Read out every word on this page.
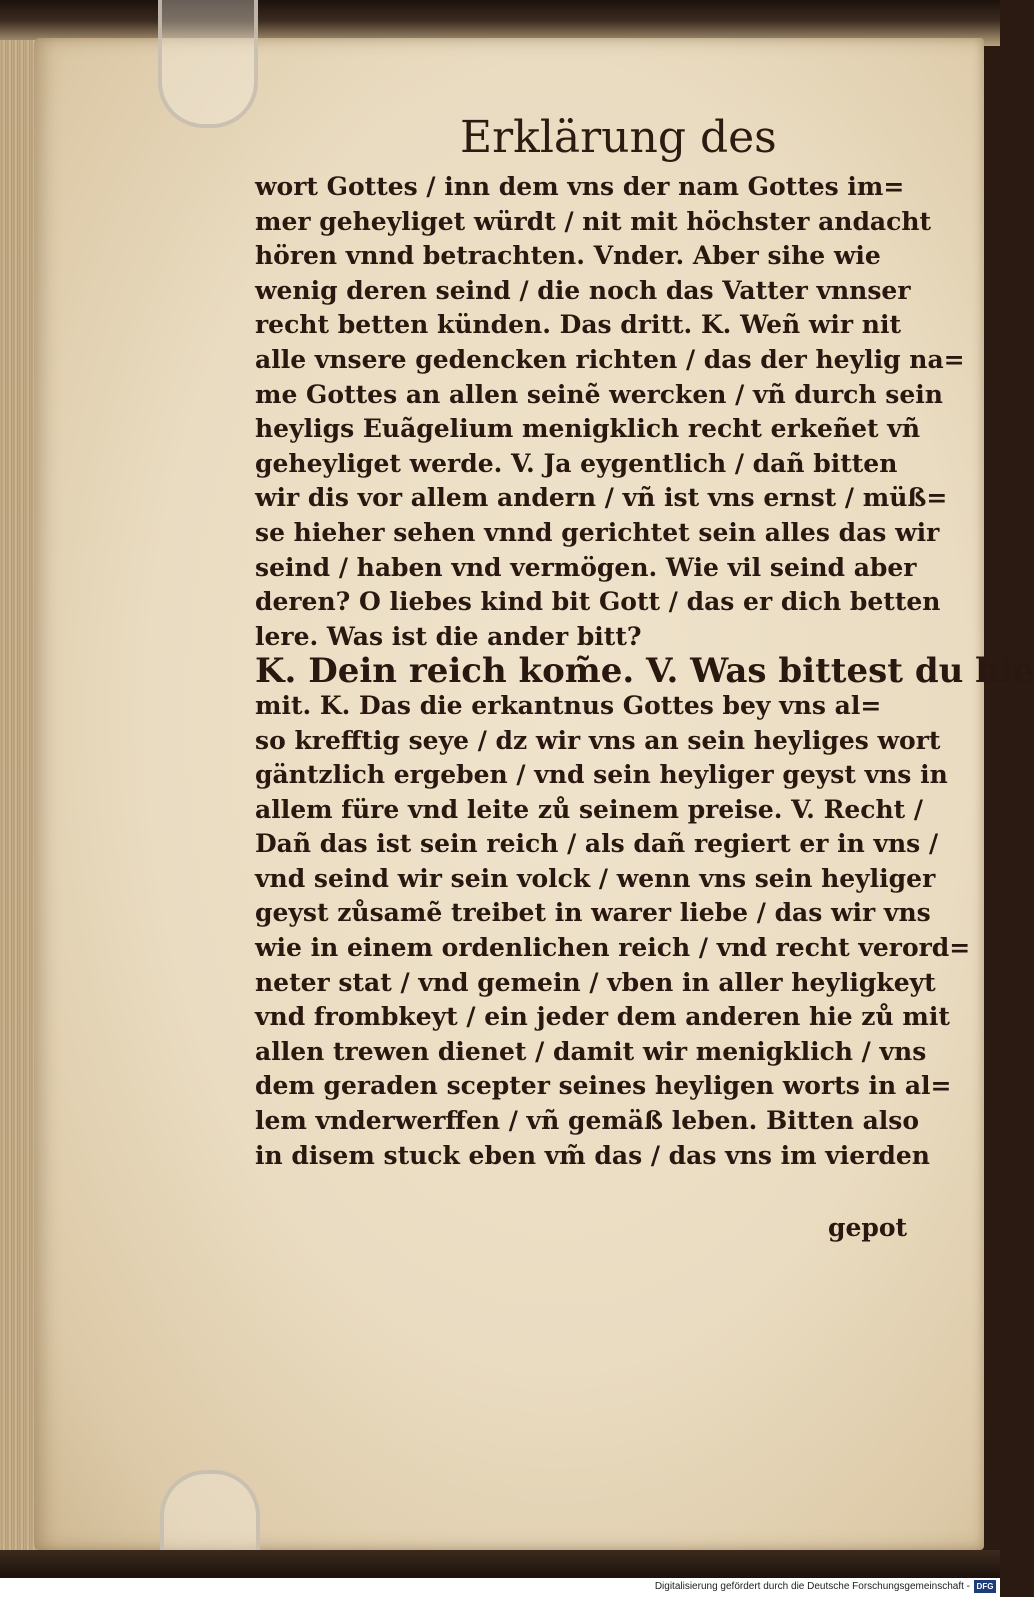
Erklärung des
wort Gottes / inn dem vns der nam Gottes im=
mer geheyliget würdt / nit mit höchster andacht
hören vnnd betrachten. Vnder. Aber sihe wie
wenig deren seind / die noch das Vatter vnnser
recht betten künden. Das dritt. K. Weñ wir nit
alle vnsere gedencken richten / das der heylig na=
me Gottes an allen seinẽ wercken / vñ durch sein
heyligs Euãgelium menigklich recht erkeñet vñ
geheyliget werde. V. Ja eygentlich / dañ bitten
wir dis vor allem andern / vñ ist vns ernst / müß=
se hieher sehen vnnd gerichtet sein alles das wir
seind / haben vnd vermögen. Wie vil seind aber
deren? O liebes kind bit Gott / das er dich betten
lere. Was ist die ander bitt?
K. Dein reich kom̃e. V. Was bittest du hie
mit. K. Das die erkantnus Gottes bey vns al=
so krefftig seye / dz wir vns an sein heyliges wort
gäntzlich ergeben / vnd sein heyliger geyst vns in
allem füre vnd leite zů seinem preise. V. Recht /
Dañ das ist sein reich / als dañ regiert er in vns /
vnd seind wir sein volck / wenn vns sein heyliger
geyst zůsamẽ treibet in warer liebe / das wir vns
wie in einem ordenlichen reich / vnd recht verord=
neter stat / vnd gemein / vben in aller heyligkeyt
vnd frombkeyt / ein jeder dem anderen hie zů mit
allen trewen dienet / damit wir menigklich / vns
dem geraden scepter seines heyligen worts in al=
lem vnderwerffen / vñ gemäß leben. Bitten also
in disem stuck eben vm̃ das / das vns im vierden
gepot
Digitalisierung gefördert durch die Deutsche Forschungsgemeinschaft - DFG
